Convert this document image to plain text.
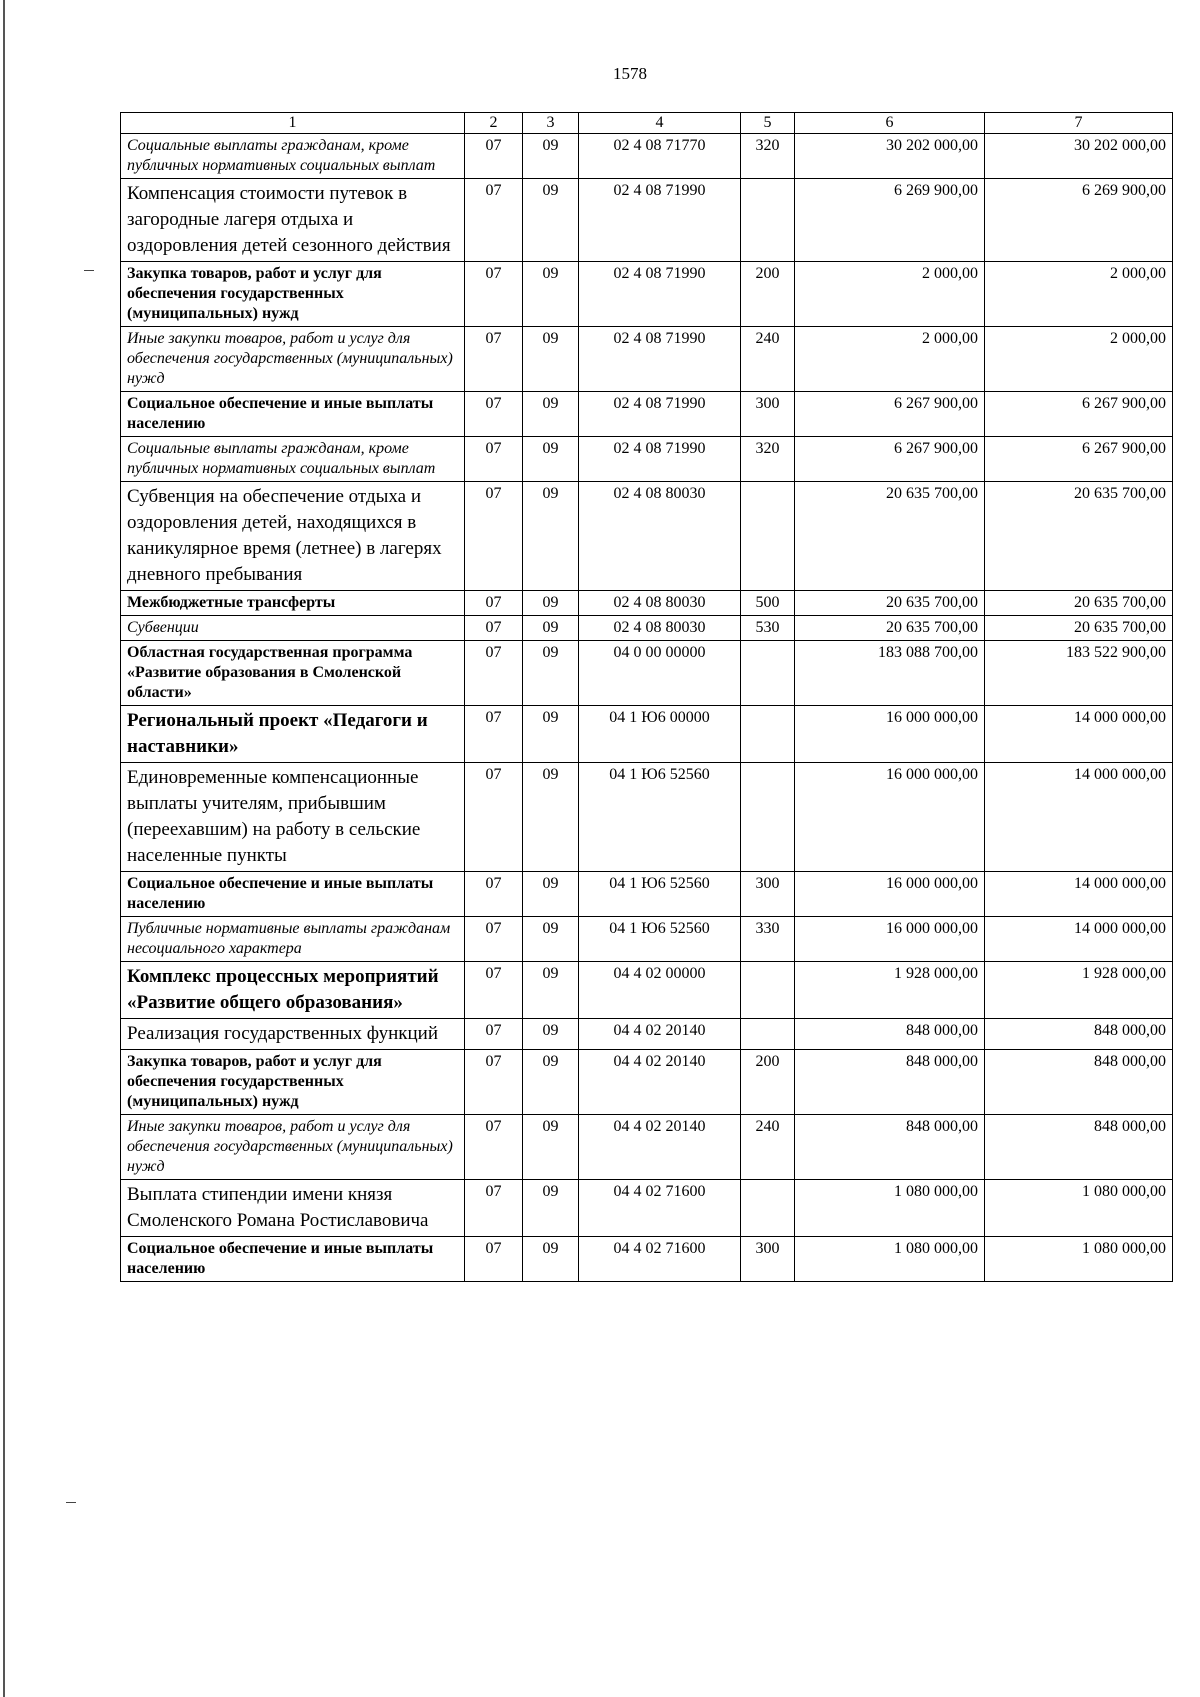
1578
1	2	3	4	5	6	7
Социальные выплаты гражданам, кроме публичных нормативных социальных выплат	07	09	02 4 08 71770	320	30 202 000,00	30 202 000,00
Компенсация стоимости путевок в загородные лагеря отдыха и оздоровления детей сезонного действия	07	09	02 4 08 71990		6 269 900,00	6 269 900,00
Закупка товаров, работ и услуг для обеспечения государственных (муниципальных) нужд	07	09	02 4 08 71990	200	2 000,00	2 000,00
Иные закупки товаров, работ и услуг для обеспечения государственных (муниципальных) нужд	07	09	02 4 08 71990	240	2 000,00	2 000,00
Социальное обеспечение и иные выплаты населению	07	09	02 4 08 71990	300	6 267 900,00	6 267 900,00
Социальные выплаты гражданам, кроме публичных нормативных социальных выплат	07	09	02 4 08 71990	320	6 267 900,00	6 267 900,00
Субвенция на обеспечение отдыха и оздоровления детей, находящихся в каникулярное время (летнее) в лагерях дневного пребывания	07	09	02 4 08 80030		20 635 700,00	20 635 700,00
Межбюджетные трансферты	07	09	02 4 08 80030	500	20 635 700,00	20 635 700,00
Субвенции	07	09	02 4 08 80030	530	20 635 700,00	20 635 700,00
Областная государственная программа «Развитие образования в Смоленской области»	07	09	04 0 00 00000		183 088 700,00	183 522 900,00
Региональный проект «Педагоги и наставники»	07	09	04 1 Ю6 00000		16 000 000,00	14 000 000,00
Единовременные компенсационные выплаты учителям, прибывшим (переехавшим) на работу в сельские населенные пункты	07	09	04 1 Ю6 52560		16 000 000,00	14 000 000,00
Социальное обеспечение и иные выплаты населению	07	09	04 1 Ю6 52560	300	16 000 000,00	14 000 000,00
Публичные нормативные выплаты гражданам несоциального характера	07	09	04 1 Ю6 52560	330	16 000 000,00	14 000 000,00
Комплекс процессных мероприятий «Развитие общего образования»	07	09	04 4 02 00000		1 928 000,00	1 928 000,00
Реализация государственных функций	07	09	04 4 02 20140		848 000,00	848 000,00
Закупка товаров, работ и услуг для обеспечения государственных (муниципальных) нужд	07	09	04 4 02 20140	200	848 000,00	848 000,00
Иные закупки товаров, работ и услуг для обеспечения государственных (муниципальных) нужд	07	09	04 4 02 20140	240	848 000,00	848 000,00
Выплата стипендии имени князя Смоленского Романа Ростиславовича	07	09	04 4 02 71600		1 080 000,00	1 080 000,00
Социальное обеспечение и иные выплаты населению	07	09	04 4 02 71600	300	1 080 000,00	1 080 000,00
